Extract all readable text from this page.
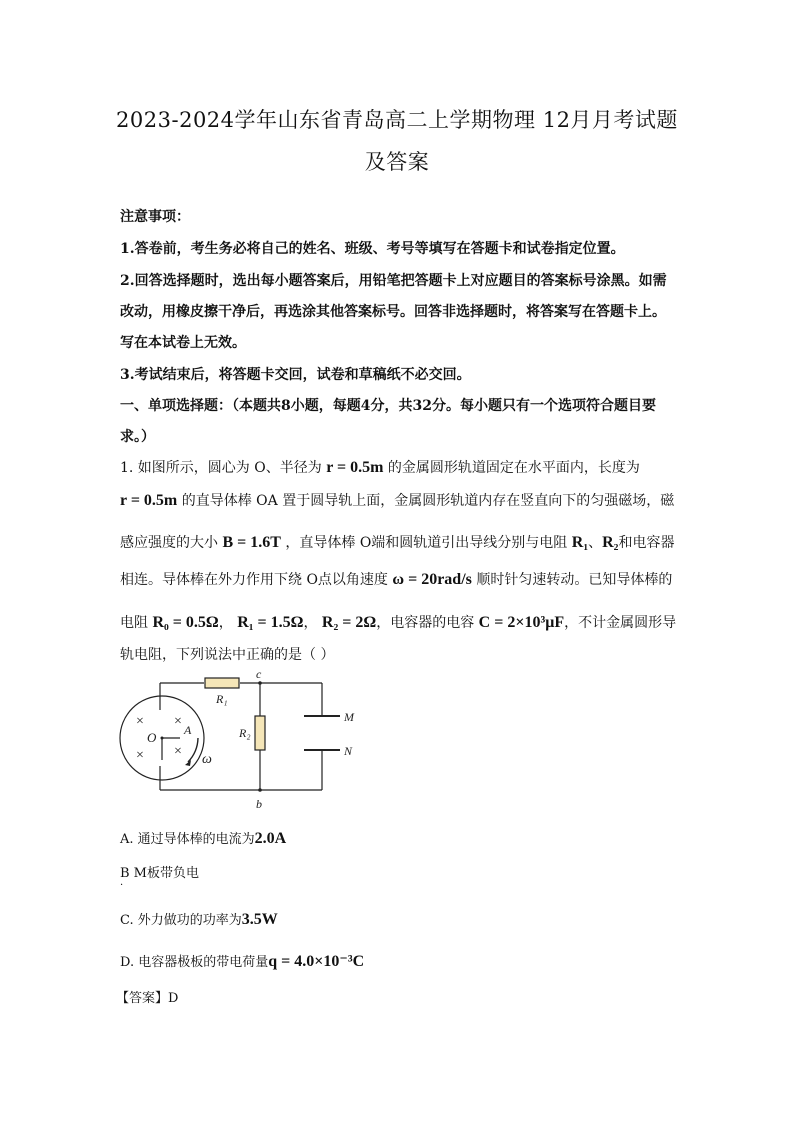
2023-2024学年山东省青岛高二上学期物理 12月月考试题
及答案
注意事项：
1.答卷前，考生务必将自己的姓名、班级、考号等填写在答题卡和试卷指定位置。
2.回答选择题时，选出每小题答案后，用铅笔把答题卡上对应题目的答案标号涂黑。如需
改动，用橡皮擦干净后，再选涂其他答案标号。回答非选择题时，将答案写在答题卡上。
写在本试卷上无效。
3.考试结束后，将答题卡交回，试卷和草稿纸不必交回。
一、单项选择题：（本题共8小题，每题4分，共32分。每小题只有一个选项符合题目要
求。）
1. 如图所示，圆心为 O、半径为 r = 0.5m 的金属圆形轨道固定在水平面内，长度为
r = 0.5m 的直导体棒 OA 置于圆导轨上面，金属圆形轨道内存在竖直向下的匀强磁场，磁
感应强度的大小 B = 1.6T ，直导体棒 O端和圆轨道引出导线分别与电阻 R₁、R₂和电容器
相连。导体棒在外力作用下绕 O点以角速度 ω = 20rad/s 顺时针匀速转动。已知导体棒的
电阻 R₀ = 0.5Ω， R₁ = 1.5Ω， R₂ = 2Ω，电容器的电容 C = 2×10³μF，不计金属圆形导
轨电阻，下列说法中正确的是（ ）
× ×
× ×
c
b
R₁
R₂
M
N
O A
ω
A. 通过导体棒的电流为2.0A
B M板带负电
·
C. 外力做功的功率为3.5W
D. 电容器极板的带电荷量q = 4.0×10⁻³C
【答案】D
